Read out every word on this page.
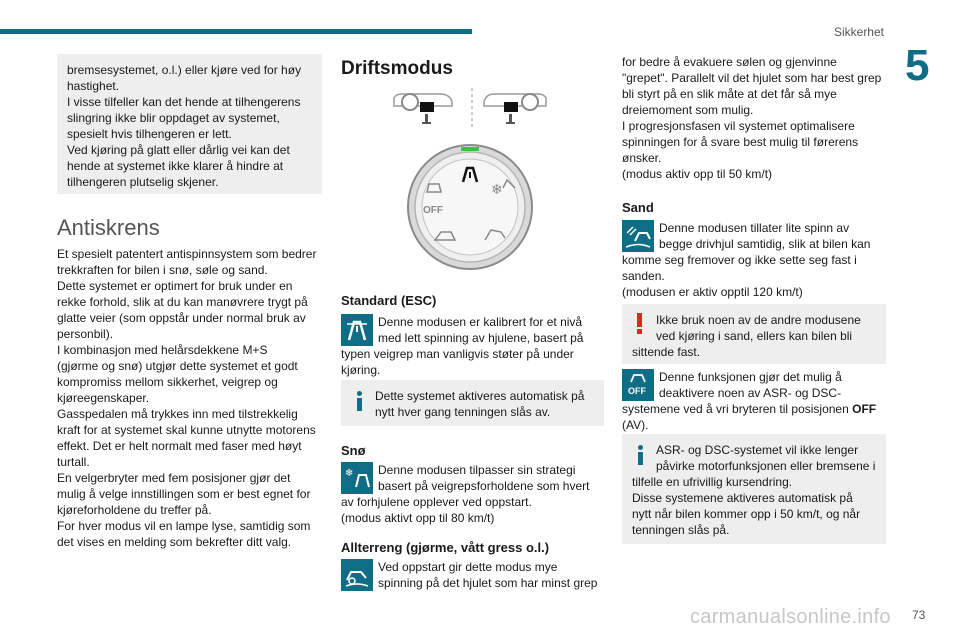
Sikkerhet
5
bremsesystemet, o.l.) eller kjøre ved for høy
hastighet.
I visse tilfeller kan det hende at tilhengerens
slingring ikke blir oppdaget av systemet,
spesielt hvis tilhengeren er lett.
Ved kjøring på glatt eller dårlig vei kan det
hende at systemet ikke klarer å hindre at
tilhengeren plutselig skjener.
Antiskrens
Et spesielt patentert antispinnsystem som bedrer
trekkraften for bilen i snø, søle og sand.
Dette systemet er optimert for bruk under en
rekke forhold, slik at du kan manøvrere trygt på
glatte veier (som oppstår under normal bruk av
personbil).
I kombinasjon med helårsdekkene M+S
(gjørme og snø) utgjør dette systemet et godt
kompromiss mellom sikkerhet, veigrep og
kjøreegenskaper.
Gasspedalen må trykkes inn med tilstrekkelig
kraft for at systemet skal kunne utnytte motorens
effekt. Det er helt normalt med faser med høyt
turtall.
En velgerbryter med fem posisjoner gjør det
mulig å velge innstillingen som er best egnet for
kjøreforholdene du treffer på.
For hver modus vil en lampe lyse, samtidig som
det vises en melding som bekrefter ditt valg.
Driftsmodus
OFF
❄
Standard (ESC)
Denne modusen er kalibrert for et nivå
med lett spinning av hjulene, basert på
typen veigrep man vanligvis støter på under
kjøring.
Dette systemet aktiveres automatisk på
nytt hver gang tenningen slås av.
Snø
❄	Denne modusen tilpasser sin strategi
basert på veigrepsforholdene som hvert
av forhjulene opplever ved oppstart.
(modus aktivt opp til 80 km/t)
Allterreng (gjørme, vått gress o.l.)
Ved oppstart gir dette modus mye
spinning på det hjulet som har minst grep
for bedre å evakuere sølen og gjenvinne
"grepet". Parallelt vil det hjulet som har best grep
bli styrt på en slik måte at det får så mye
dreiemoment som mulig.
I progresjonsfasen vil systemet optimalisere
spinningen for å svare best mulig til førerens
ønsker.
(modus aktiv opp til 50 km/t)
Sand
Denne modusen tillater lite spinn av
begge drivhjul samtidig, slik at bilen kan
komme seg fremover og ikke sette seg fast i
sanden.
(modusen er aktiv opptil 120 km/t)
Ikke bruk noen av de andre modusene
ved kjøring i sand, ellers kan bilen bli
sittende fast.
OFF
Denne funksjonen gjør det mulig å
deaktivere noen av ASR- og DSC-
systemene ved å vri bryteren til posisjonen OFF
(AV).
ASR- og DSC-systemet vil ikke lenger
påvirke motorfunksjonen eller bremsene i
tilfelle en ufrivillig kursendring.
Disse systemene aktiveres automatisk på
nytt når bilen kommer opp i 50 km/t, og når
tenningen slås på.
carmanualsonline.info 73
